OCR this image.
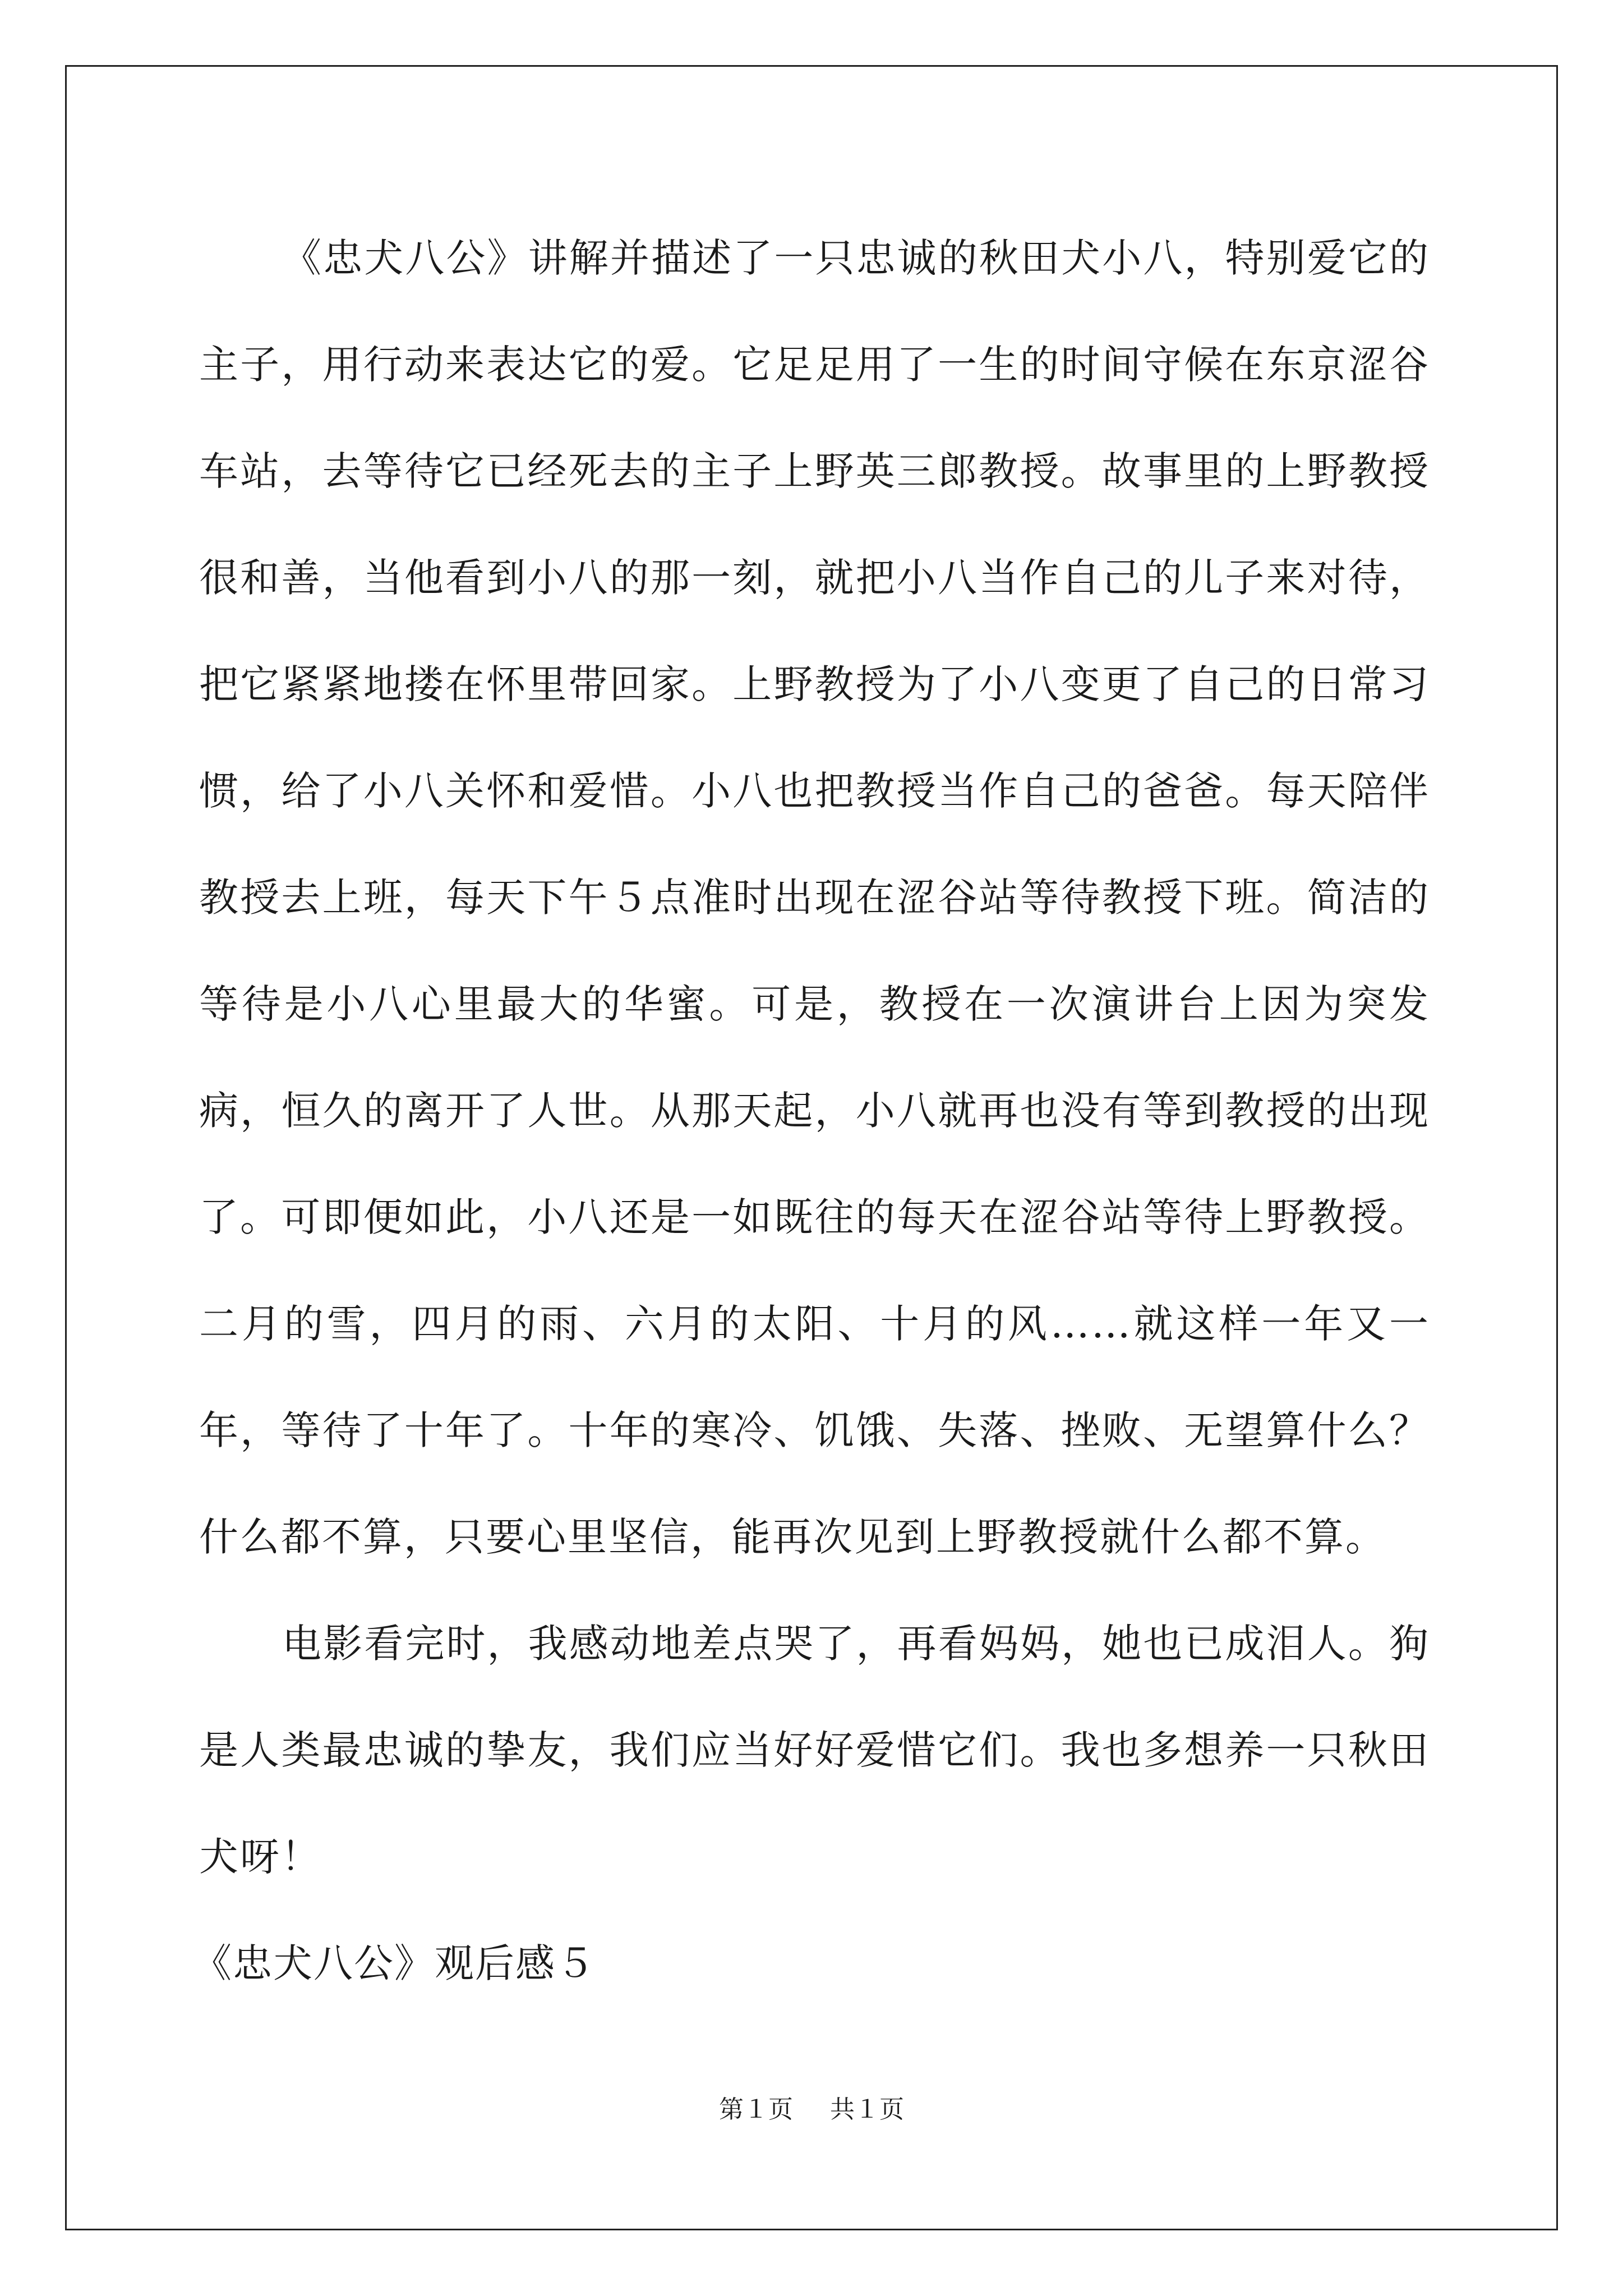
《忠犬八公》讲解并描述了一只忠诚的秋田犬小八，特别爱它的主子，用行动来表达它的爱。它足足用了一生的时间守候在东京涩谷车站，去等待它已经死去的主子上野英三郎教授。故事里的上野教授很和善，当他看到小八的那一刻，就把小八当作自己的儿子来对待，把它紧紧地搂在怀里带回家。上野教授为了小八变更了自己的日常习惯，给了小八关怀和爱惜。小八也把教授当作自己的爸爸。每天陪伴教授去上班，每天下午５点准时出现在涩谷站等待教授下班。简洁的等待是小八心里最大的华蜜。可是，教授在一次演讲台上因为突发病，恒久的离开了人世。从那天起，小八就再也没有等到教授的出现了。可即便如此，小八还是一如既往的每天在涩谷站等待上野教授。二月的雪，四月的雨、六月的太阳、十月的风……就这样一年又一年，等待了十年了。十年的寒冷、饥饿、失落、挫败、无望算什么？什么都不算，只要心里坚信，能再次见到上野教授就什么都不算。

电影看完时，我感动地差点哭了，再看妈妈，她也已成泪人。狗是人类最忠诚的挚友，我们应当好好爱惜它们。我也多想养一只秋田犬呀！

《忠犬八公》观后感５
第１页 共１页
